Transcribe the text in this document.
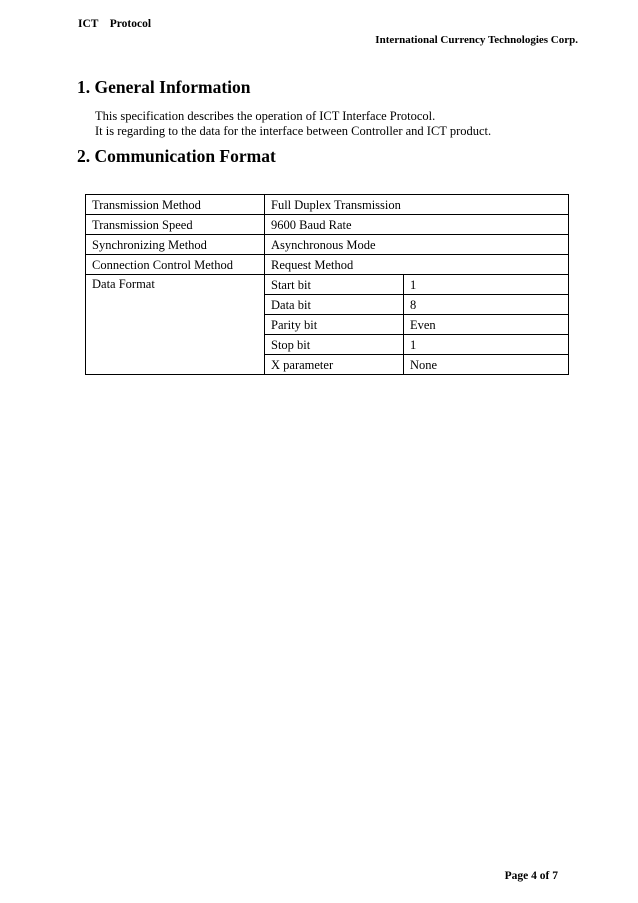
ICT    Protocol
International Currency Technologies Corp.
1. General Information
This specification describes the operation of ICT Interface Protocol.
It is regarding to the data for the interface between Controller and ICT product.
2. Communication Format
Transmission Method	Full Duplex Transmission	
Transmission Speed	9600 Baud Rate	
Synchronizing Method	Asynchronous Mode	
Connection Control Method	Request Method	
Data Format	Start bit	1
	Data bit	8
	Parity bit	Even
	Stop bit	1
	X parameter	None
Page 4 of 7
